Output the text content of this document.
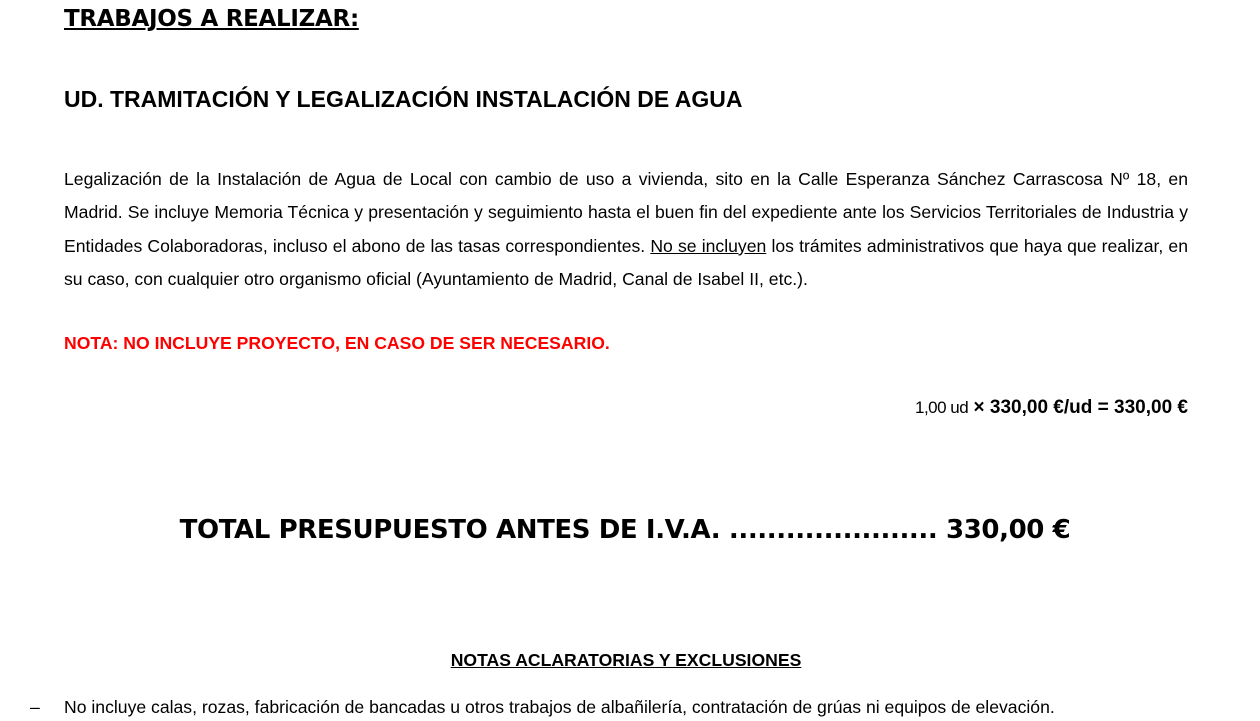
TRABAJOS A REALIZAR:
UD. TRAMITACIÓN Y LEGALIZACIÓN INSTALACIÓN DE AGUA

Legalización de la Instalación de Agua de Local con cambio de uso a vivienda, sito en la Calle Esperanza Sánchez Carrascosa Nº 18, en Madrid. Se incluye Memoria Técnica y presentación y seguimiento hasta el buen fin del expediente ante los Servicios Territoriales de Industria y Entidades Colaboradoras, incluso el abono de las tasas correspondientes. No se incluyen los trámites administrativos que haya que realizar, en su caso, con cualquier otro organismo oficial (Ayuntamiento de Madrid, Canal de Isabel II, etc.).

NOTA: NO INCLUYE PROYECTO, EN CASO DE SER NECESARIO.

1,00 ud × 330,00 €/ud = 330,00 €

TOTAL PRESUPUESTO ANTES DE I.V.A. ...................... 330,00 €

NOTAS ACLARATORIAS Y EXCLUSIONES

– No incluye calas, rozas, fabricación de bancadas u otros trabajos de albañilería, contratación de grúas ni equipos de elevación.
